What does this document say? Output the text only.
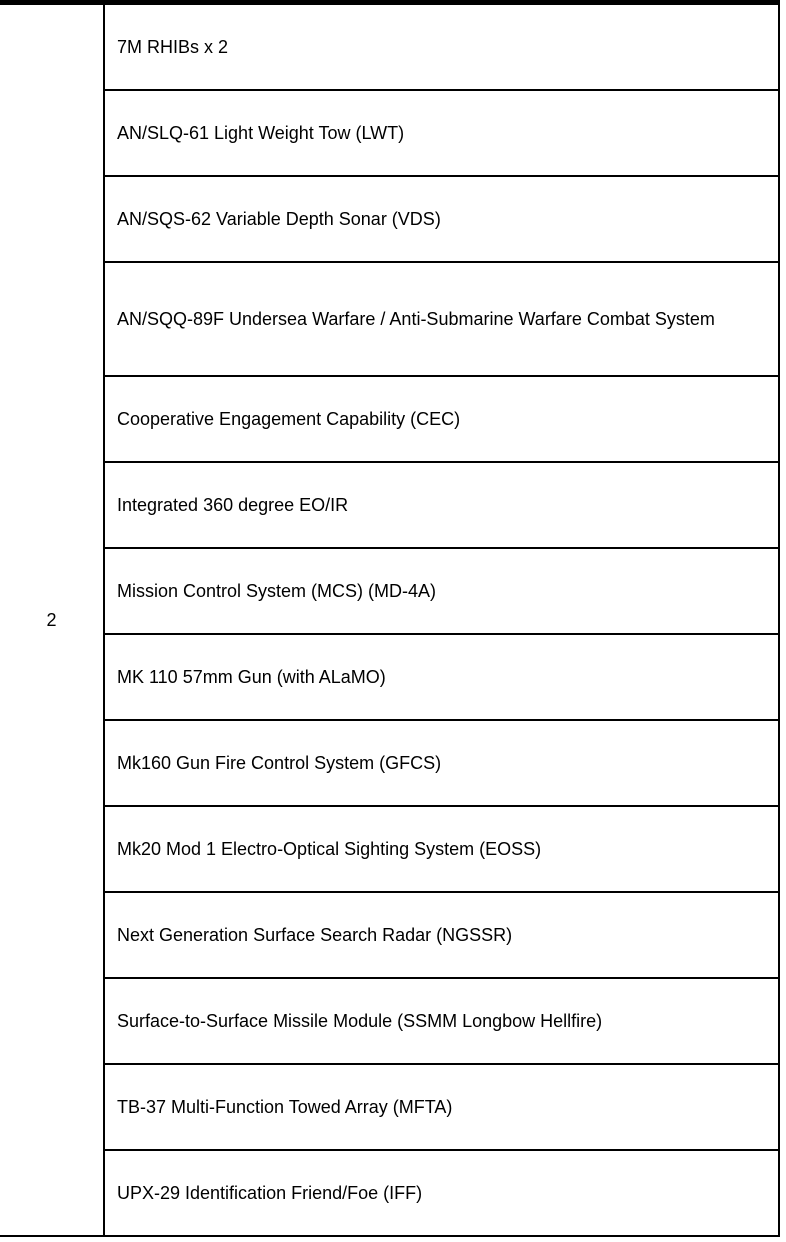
2	7M RHIBs x 2
AN/SLQ-61 Light Weight Tow (LWT)
AN/SQS-62 Variable Depth Sonar (VDS)
AN/SQQ-89F Undersea Warfare / Anti-Submarine Warfare Combat System
Cooperative Engagement Capability (CEC)
Integrated 360 degree EO/IR
Mission Control System (MCS) (MD-4A)
MK 110 57mm Gun (with ALaMO)
Mk160 Gun Fire Control System (GFCS)
Mk20 Mod 1 Electro-Optical Sighting System (EOSS)
Next Generation Surface Search Radar (NGSSR)
Surface-to-Surface Missile Module (SSMM Longbow Hellfire)
TB-37 Multi-Function Towed Array (MFTA)
UPX-29 Identification Friend/Foe (IFF)
